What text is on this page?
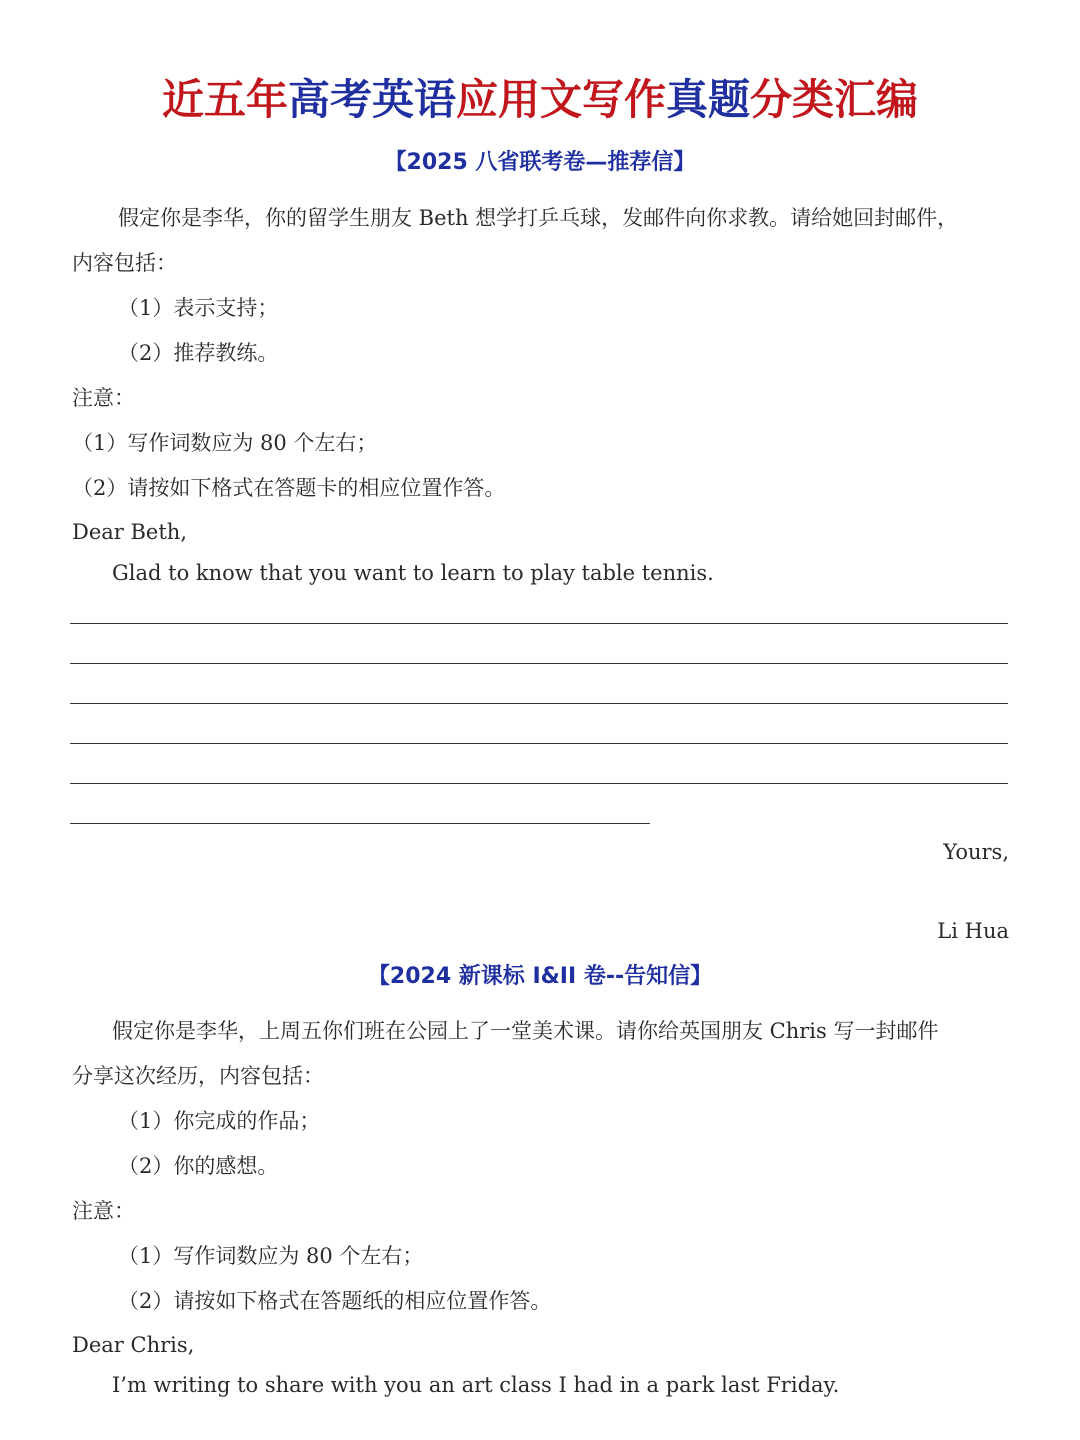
近五年高考英语应用文写作真题分类汇编
【2025 八省联考卷—推荐信】
假定你是李华，你的留学生朋友 Beth 想学打乒乓球，发邮件向你求教。请给她回封邮件，
内容包括：
（1）表示支持；
（2）推荐教练。
注意：
（1）写作词数应为 80 个左右；
（2）请按如下格式在答题卡的相应位置作答。
Dear Beth,
Glad to know that you want to learn to play table tennis.
Yours,
Li Hua
【2024 新课标 I&II 卷--告知信】
假定你是李华，上周五你们班在公园上了一堂美术课。请你给英国朋友 Chris 写一封邮件
分享这次经历，内容包括：
（1）你完成的作品；
（2）你的感想。
注意：
（1）写作词数应为 80 个左右；
（2）请按如下格式在答题纸的相应位置作答。
Dear Chris,
I’m writing to share with you an art class I had in a park last Friday.
